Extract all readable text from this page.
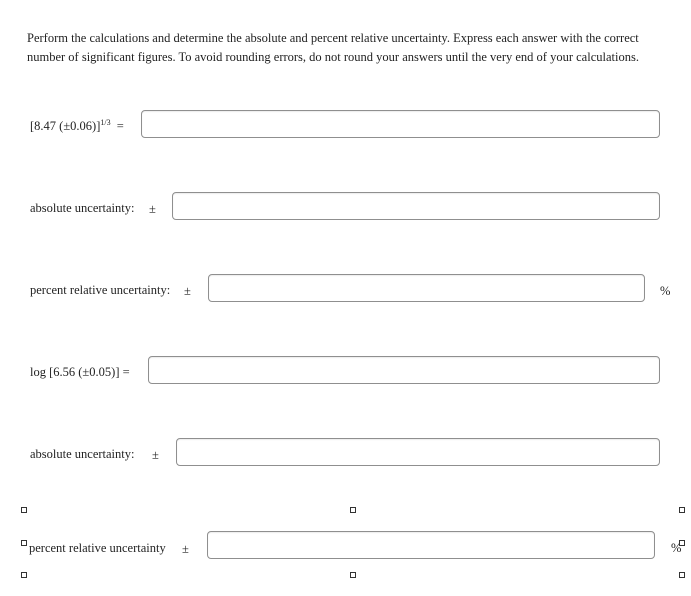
Perform the calculations and determine the absolute and percent relative uncertainty. Express each answer with the correct number of significant figures. To avoid rounding errors, do not round your answers until the very end of your calculations.
[8.47 (±0.06)]$^{1/3}$ =
absolute uncertainty: ±
percent relative uncertainty: ±	%
log [6.56 (±0.05)] =
absolute uncertainty: ±
percent relative uncertainty ±	%
